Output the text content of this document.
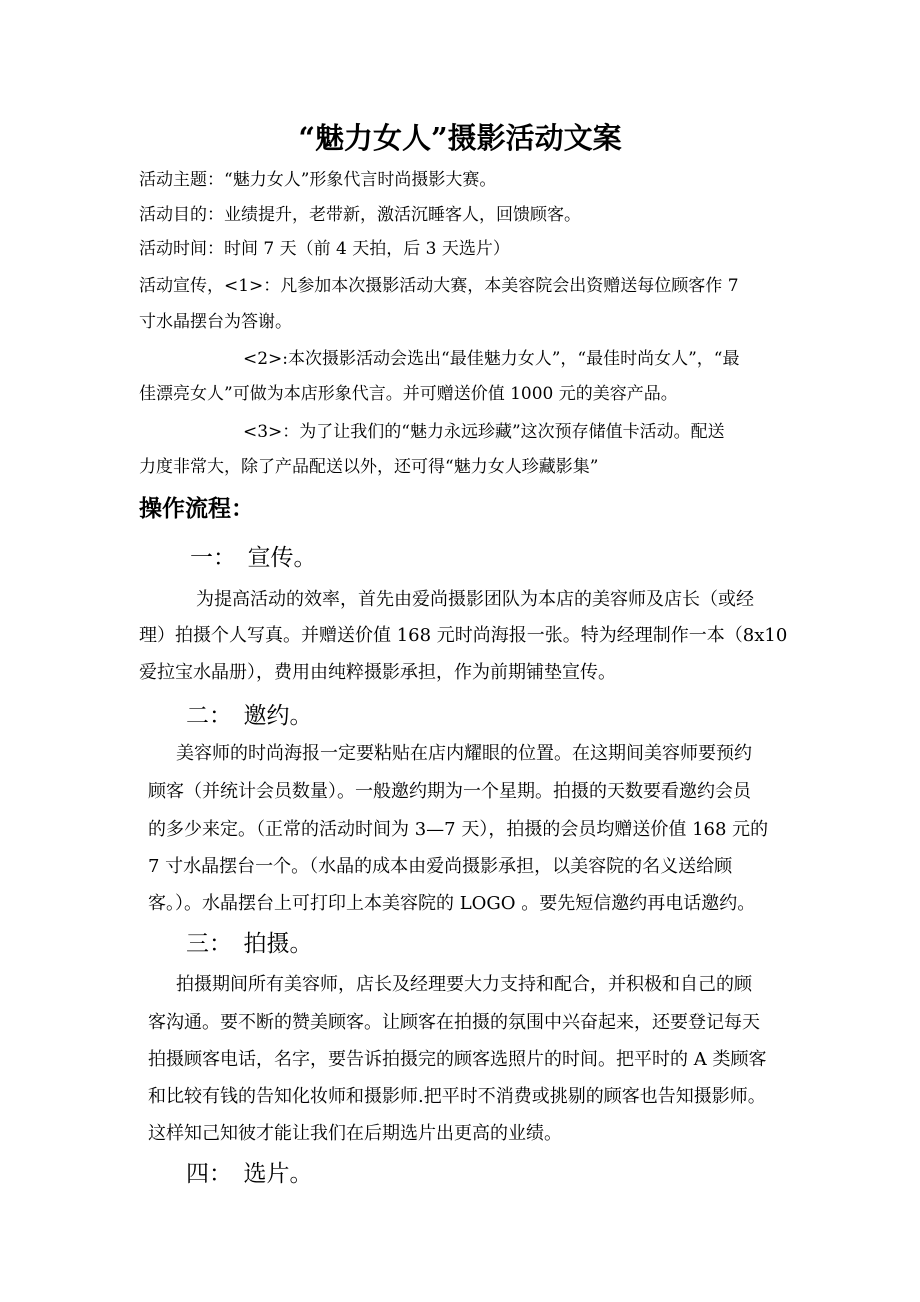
“魅力女人”摄影活动文案
活动主题：“魅力女人”形象代言时尚摄影大赛。
活动目的：业绩提升，老带新，激活沉睡客人，回馈顾客。
活动时间：时间 7 天（前 4 天拍，后 3 天选片）
活动宣传，<1>：凡参加本次摄影活动大赛，本美容院会出资赠送每位顾客作 7
寸水晶摆台为答谢。
<2>:本次摄影活动会选出“最佳魅力女人”，“最佳时尚女人”，“最
佳漂亮女人”可做为本店形象代言。并可赠送价值 1000 元的美容产品。
<3>：为了让我们的“魅力永远珍藏”这次预存储值卡活动。配送
力度非常大，除了产品配送以外，还可得“魅力女人珍藏影集”
操作流程：
一：　宣传。
为提高活动的效率，首先由爱尚摄影团队为本店的美容师及店长（或经
理）拍摄个人写真。并赠送价值 168 元时尚海报一张。特为经理制作一本（8x10
爱拉宝水晶册），费用由纯粹摄影承担，作为前期铺垫宣传。
二：　邀约。
美容师的时尚海报一定要粘贴在店内耀眼的位置。在这期间美容师要预约
顾客（并统计会员数量）。一般邀约期为一个星期。拍摄的天数要看邀约会员
的多少来定。（正常的活动时间为 3—7 天），拍摄的会员均赠送价值 168 元的
7 寸水晶摆台一个。（水晶的成本由爱尚摄影承担，以美容院的名义送给顾
客。）。水晶摆台上可打印上本美容院的 LOGO 。要先短信邀约再电话邀约。
三：　拍摄。
拍摄期间所有美容师，店长及经理要大力支持和配合，并积极和自己的顾
客沟通。要不断的赞美顾客。让顾客在拍摄的氛围中兴奋起来，还要登记每天
拍摄顾客电话，名字，要告诉拍摄完的顾客选照片的时间。把平时的 A 类顾客
和比较有钱的告知化妆师和摄影师.把平时不消费或挑剔的顾客也告知摄影师。
这样知己知彼才能让我们在后期选片出更高的业绩。
四：　选片。
